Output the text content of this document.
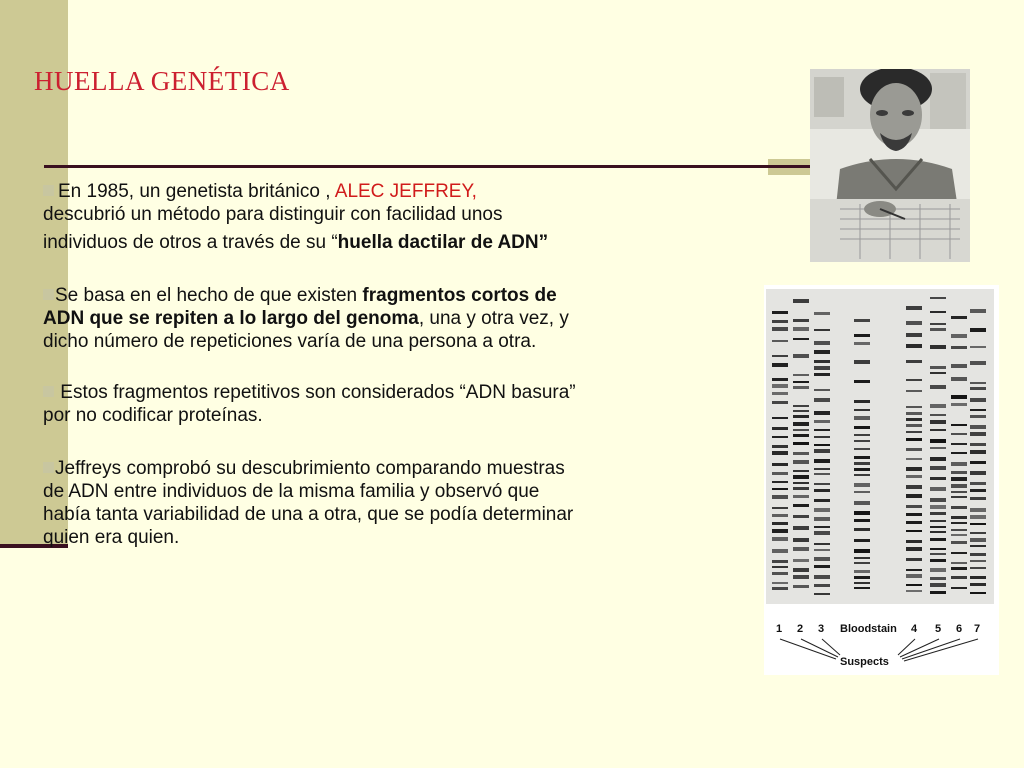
HUELLA GENÉTICA
En 1985, un genetista británico , ALEC JEFFREY,
descubrió un método para distinguir con facilidad unos
individuos de otros a través de su “huella dactilar de ADN”
Se basa en el hecho de que existen fragmentos cortos de
ADN que se repiten a lo largo del genoma, una y otra vez, y
dicho número de repeticiones varía de una persona a otra.
Estos fragmentos repetitivos son considerados “ADN basura”
por no codificar proteínas.
Jeffreys comprobó su descubrimiento comparando muestras
de ADN entre individuos de la misma familia y observó que
había tanta variabilidad de una a otra, que se podía determinar
quien era quien.
1 2 3 Bloodstain 4 5 6 7
Suspects
